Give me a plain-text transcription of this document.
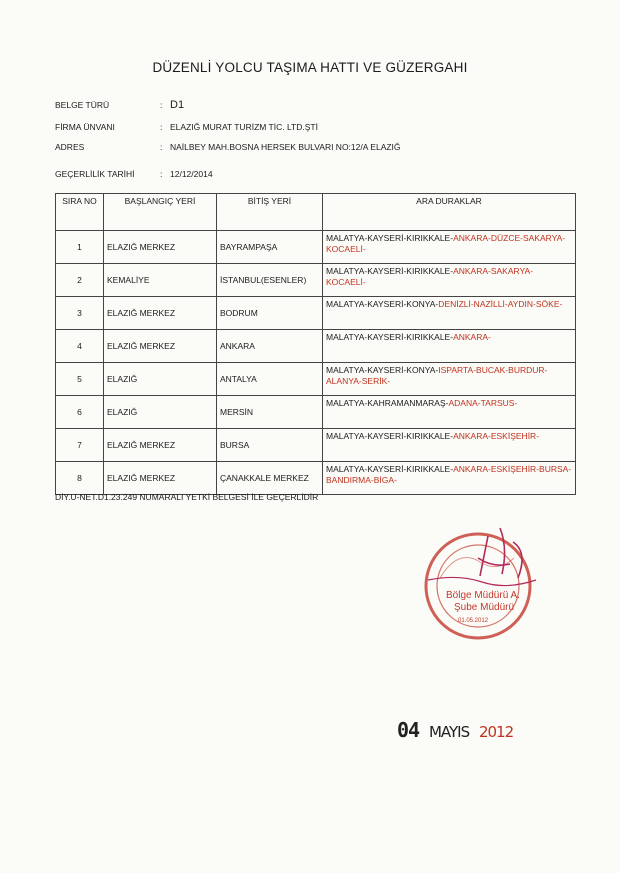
DÜZENLİ YOLCU TAŞIMA HATTI VE GÜZERGAHI
BELGE TÜRÜ	: D1
FİRMA ÜNVANI	: ELAZIĞ MURAT TURİZM TİC. LTD.ŞTİ
ADRES	: NAİLBEY MAH.BOSNA HERSEK BULVARI NO:12/A ELAZIĞ
GEÇERLİLİK TARİHİ	: 12/12/2014
SIRA NO	BAŞLANGIÇ YERİ	BİTİŞ YERİ	ARA DURAKLAR
1	ELAZIĞ MERKEZ	BAYRAMPAŞA	MALATYA-KAYSERİ-KIRIKKALE-ANKARA-DÜZCE-SAKARYA-KOCAELİ-
2	KEMALİYE	İSTANBUL(ESENLER)	MALATYA-KAYSERİ-KIRIKKALE-ANKARA-SAKARYA-KOCAELİ-
3	ELAZIĞ MERKEZ	BODRUM	MALATYA-KAYSERİ-KONYA-DENİZLİ-NAZİLLİ-AYDIN-SÖKE-
4	ELAZIĞ MERKEZ	ANKARA	MALATYA-KAYSERİ-KIRIKKALE-ANKARA-
5	ELAZIĞ	ANTALYA	MALATYA-KAYSERİ-KONYA-ISPARTA-BUCAK-BURDUR-ALANYA-SERİK-
6	ELAZIĞ	MERSİN	MALATYA-KAHRAMANMARAŞ-ADANA-TARSUS-
7	ELAZIĞ MERKEZ	BURSA	MALATYA-KAYSERİ-KIRIKKALE-ANKARA-ESKİŞEHİR-
8	ELAZIĞ MERKEZ	ÇANAKKALE MERKEZ	MALATYA-KAYSERİ-KIRIKKALE-ANKARA-ESKİŞEHİR-BURSA-BANDIRMA-BİGA-
DİY.U-NET.D1.23.249 NUMARALI YETKİ BELGESİ İLE GEÇERLİDİR
Bölge Müdürü A.
Şube Müdürü
01.05.2012
04 MAYIS 2012
